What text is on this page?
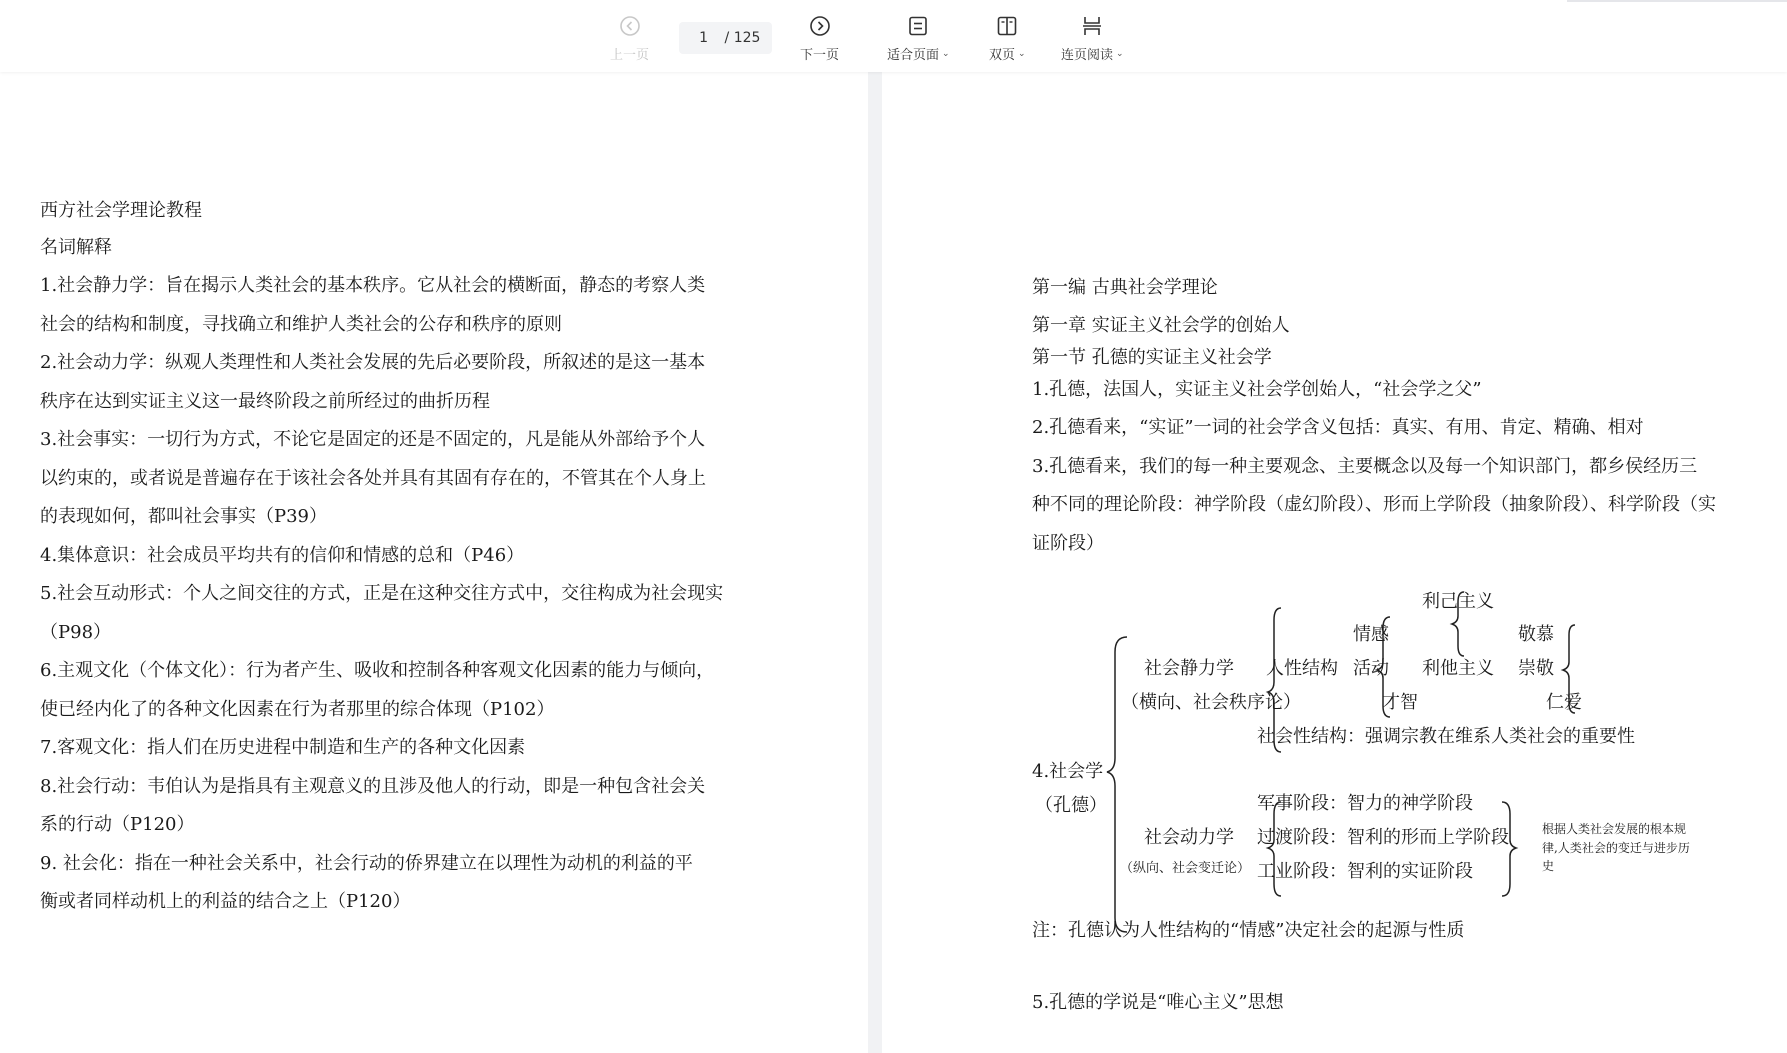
上一页
1
/ 125
下一页	适合页面 ⌄	双页 ⌄	连页阅读 ⌄
西方社会学理论教程
名词解释
1.社会静力学：旨在揭示人类社会的基本秩序。它从社会的横断面，静态的考察人类
社会的结构和制度，寻找确立和维护人类社会的公存和秩序的原则
2.社会动力学：纵观人类理性和人类社会发展的先后必要阶段，所叙述的是这一基本
秩序在达到实证主义这一最终阶段之前所经过的曲折历程
3.社会事实：一切行为方式，不论它是固定的还是不固定的，凡是能从外部给予个人
以约束的，或者说是普遍存在于该社会各处并具有其固有存在的，不管其在个人身上
的表现如何，都叫社会事实（P39）
4.集体意识：社会成员平均共有的信仰和情感的总和（P46）
5.社会互动形式：个人之间交往的方式，正是在这种交往方式中，交往构成为社会现实
（P98）
6.主观文化（个体文化）：行为者产生、吸收和控制各种客观文化因素的能力与倾向，
使已经内化了的各种文化因素在行为者那里的综合体现（P102）
7.客观文化：指人们在历史进程中制造和生产的各种文化因素
8.社会行动：韦伯认为是指具有主观意义的且涉及他人的行动，即是一种包含社会关
系的行动（P120）
9. 社会化：指在一种社会关系中，社会行动的侨界建立在以理性为动机的利益的平
衡或者同样动机上的利益的结合之上（P120）
第一编 古典社会学理论
第一章 实证主义社会学的创始人
第一节 孔德的实证主义社会学
1.孔德，法国人，实证主义社会学创始人，“社会学之父”
2.孔德看来，“实证”一词的社会学含义包括：真实、有用、肯定、精确、相对
3.孔德看来，我们的每一种主要观念、主要概念以及每一个知识部门，都乡侯经历三
种不同的理论阶段：神学阶段（虚幻阶段）、形而上学阶段（抽象阶段）、科学阶段（实
证阶段）
4.社会学
（孔德）
社会静力学
（横向、社会秩序论）
人性结构
情感
活动
才智
利己主义
利他主义
敬慕
崇敬
仁爱
社会性结构：强调宗教在维系人类社会的重要性
社会动力学
（纵向、社会变迁论）
军事阶段：智力的神学阶段
过渡阶段：智利的形而上学阶段
工业阶段：智利的实证阶段
根据人类社会发展的根本规律,人类社会的变迁与进步历史
注：孔德认为人性结构的“情感”决定社会的起源与性质
5.孔德的学说是“唯心主义”思想
